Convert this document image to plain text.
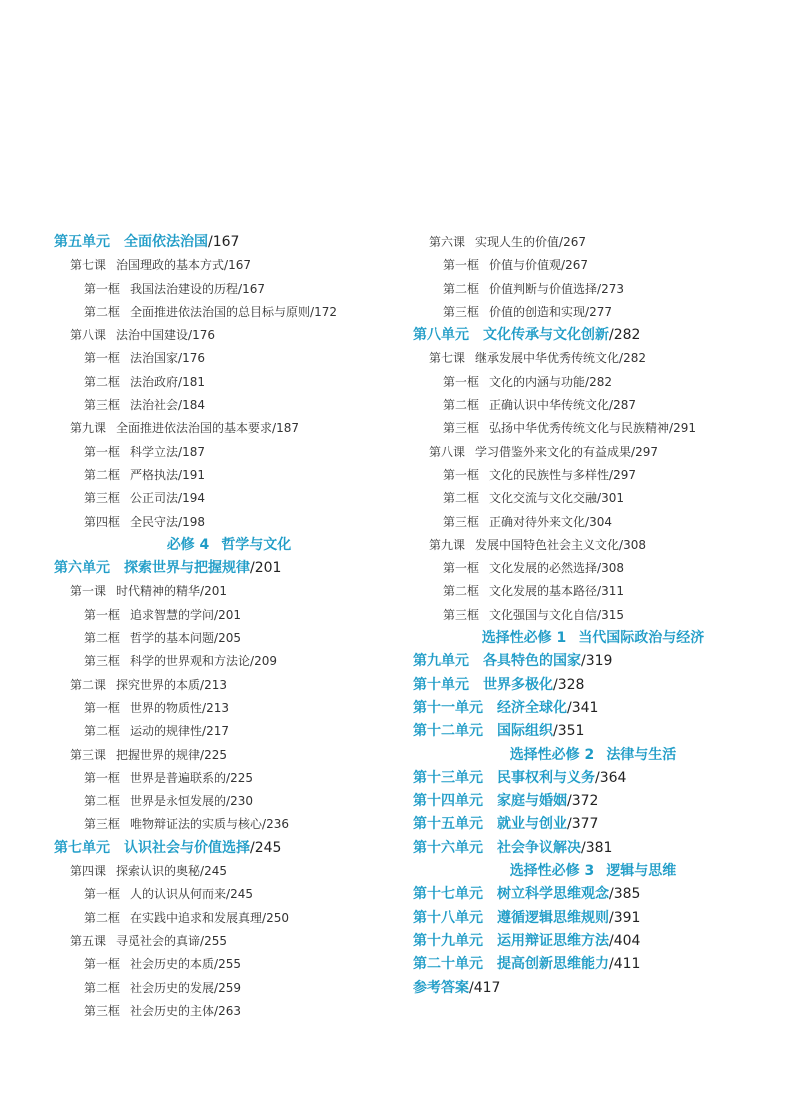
第五单元 全面依法治国/167
第七课 治国理政的基本方式/167
第一框 我国法治建设的历程/167
第二框 全面推进依法治国的总目标与原则/172
第八课 法治中国建设/176
第一框 法治国家/176
第二框 法治政府/181
第三框 法治社会/184
第九课 全面推进依法治国的基本要求/187
第一框 科学立法/187
第二框 严格执法/191
第三框 公正司法/194
第四框 全民守法/198
必修 4 哲学与文化
第六单元 探索世界与把握规律/201
第一课 时代精神的精华/201
第一框 追求智慧的学问/201
第二框 哲学的基本问题/205
第三框 科学的世界观和方法论/209
第二课 探究世界的本质/213
第一框 世界的物质性/213
第二框 运动的规律性/217
第三课 把握世界的规律/225
第一框 世界是普遍联系的/225
第二框 世界是永恒发展的/230
第三框 唯物辩证法的实质与核心/236
第七单元 认识社会与价值选择/245
第四课 探索认识的奥秘/245
第一框 人的认识从何而来/245
第二框 在实践中追求和发展真理/250
第五课 寻觅社会的真谛/255
第一框 社会历史的本质/255
第二框 社会历史的发展/259
第三框 社会历史的主体/263
第六课 实现人生的价值/267
第一框 价值与价值观/267
第二框 价值判断与价值选择/273
第三框 价值的创造和实现/277
第八单元 文化传承与文化创新/282
第七课 继承发展中华优秀传统文化/282
第一框 文化的内涵与功能/282
第二框 正确认识中华传统文化/287
第三框 弘扬中华优秀传统文化与民族精神/291
第八课 学习借鉴外来文化的有益成果/297
第一框 文化的民族性与多样性/297
第二框 文化交流与文化交融/301
第三框 正确对待外来文化/304
第九课 发展中国特色社会主义文化/308
第一框 文化发展的必然选择/308
第二框 文化发展的基本路径/311
第三框 文化强国与文化自信/315
选择性必修 1 当代国际政治与经济
第九单元 各具特色的国家/319
第十单元 世界多极化/328
第十一单元 经济全球化/341
第十二单元 国际组织/351
选择性必修 2 法律与生活
第十三单元 民事权利与义务/364
第十四单元 家庭与婚姻/372
第十五单元 就业与创业/377
第十六单元 社会争议解决/381
选择性必修 3 逻辑与思维
第十七单元 树立科学思维观念/385
第十八单元 遵循逻辑思维规则/391
第十九单元 运用辩证思维方法/404
第二十单元 提高创新思维能力/411
参考答案/417
